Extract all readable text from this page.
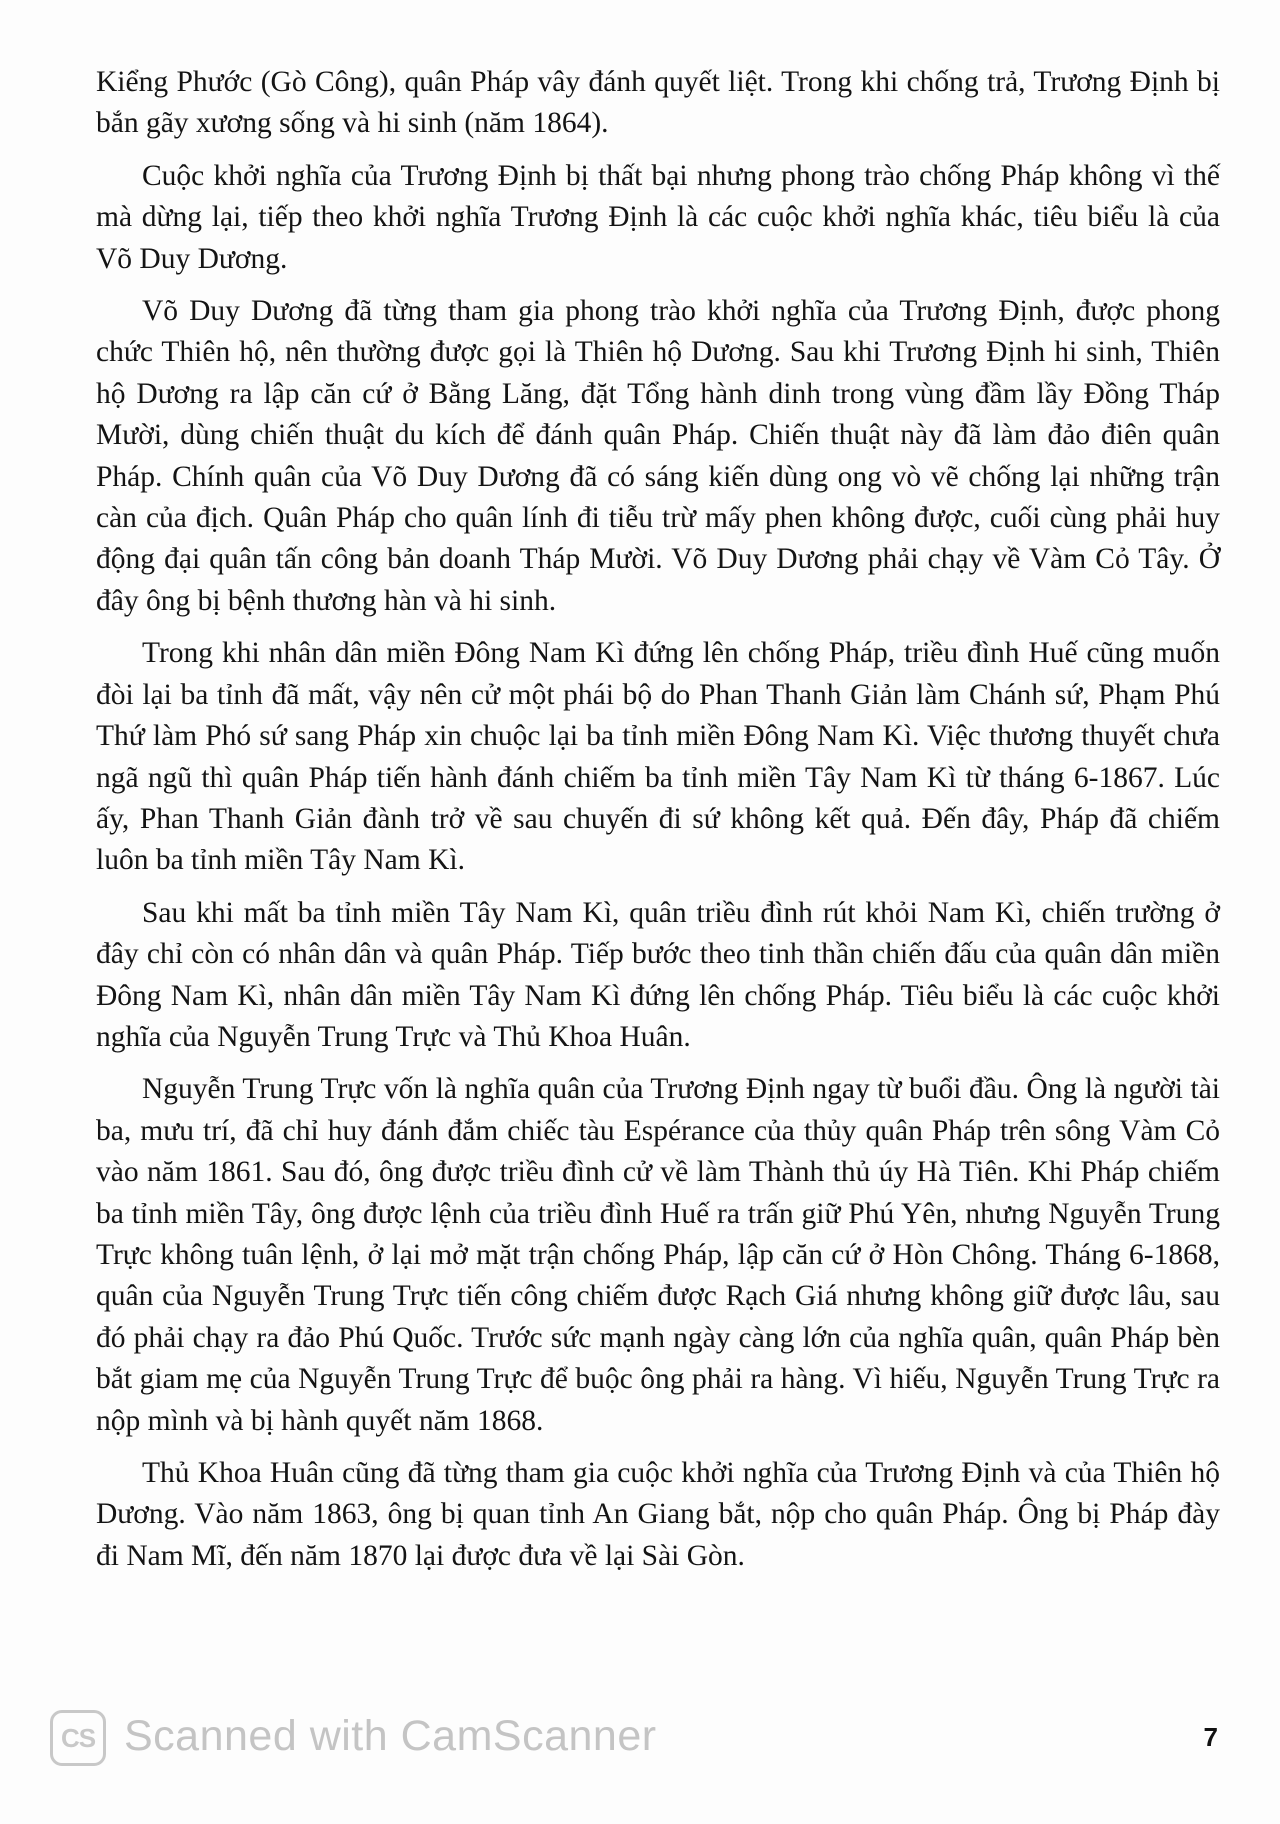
Kiểng Phước (Gò Công), quân Pháp vây đánh quyết liệt. Trong khi chống trả, Trương Định bị bắn gãy xương sống và hi sinh (năm 1864).

Cuộc khởi nghĩa của Trương Định bị thất bại nhưng phong trào chống Pháp không vì thế mà dừng lại, tiếp theo khởi nghĩa Trương Định là các cuộc khởi nghĩa khác, tiêu biểu là của Võ Duy Dương.

Võ Duy Dương đã từng tham gia phong trào khởi nghĩa của Trương Định, được phong chức Thiên hộ, nên thường được gọi là Thiên hộ Dương. Sau khi Trương Định hi sinh, Thiên hộ Dương ra lập căn cứ ở Bằng Lăng, đặt Tổng hành dinh trong vùng đầm lầy Đồng Tháp Mười, dùng chiến thuật du kích để đánh quân Pháp. Chiến thuật này đã làm đảo điên quân Pháp. Chính quân của Võ Duy Dương đã có sáng kiến dùng ong vò vẽ chống lại những trận càn của địch. Quân Pháp cho quân lính đi tiễu trừ mấy phen không được, cuối cùng phải huy động đại quân tấn công bản doanh Tháp Mười. Võ Duy Dương phải chạy về Vàm Cỏ Tây. Ở đây ông bị bệnh thương hàn và hi sinh.

Trong khi nhân dân miền Đông Nam Kì đứng lên chống Pháp, triều đình Huế cũng muốn đòi lại ba tỉnh đã mất, vậy nên cử một phái bộ do Phan Thanh Giản làm Chánh sứ, Phạm Phú Thứ làm Phó sứ sang Pháp xin chuộc lại ba tỉnh miền Đông Nam Kì. Việc thương thuyết chưa ngã ngũ thì quân Pháp tiến hành đánh chiếm ba tỉnh miền Tây Nam Kì từ tháng 6-1867. Lúc ấy, Phan Thanh Giản đành trở về sau chuyến đi sứ không kết quả. Đến đây, Pháp đã chiếm luôn ba tỉnh miền Tây Nam Kì.

Sau khi mất ba tỉnh miền Tây Nam Kì, quân triều đình rút khỏi Nam Kì, chiến trường ở đây chỉ còn có nhân dân và quân Pháp. Tiếp bước theo tinh thần chiến đấu của quân dân miền Đông Nam Kì, nhân dân miền Tây Nam Kì đứng lên chống Pháp. Tiêu biểu là các cuộc khởi nghĩa của Nguyễn Trung Trực và Thủ Khoa Huân.

Nguyễn Trung Trực vốn là nghĩa quân của Trương Định ngay từ buổi đầu. Ông là người tài ba, mưu trí, đã chỉ huy đánh đắm chiếc tàu Espérance của thủy quân Pháp trên sông Vàm Cỏ vào năm 1861. Sau đó, ông được triều đình cử về làm Thành thủ úy Hà Tiên. Khi Pháp chiếm ba tỉnh miền Tây, ông được lệnh của triều đình Huế ra trấn giữ Phú Yên, nhưng Nguyễn Trung Trực không tuân lệnh, ở lại mở mặt trận chống Pháp, lập căn cứ ở Hòn Chông. Tháng 6-1868, quân của Nguyễn Trung Trực tiến công chiếm được Rạch Giá nhưng không giữ được lâu, sau đó phải chạy ra đảo Phú Quốc. Trước sức mạnh ngày càng lớn của nghĩa quân, quân Pháp bèn bắt giam mẹ của Nguyễn Trung Trực để buộc ông phải ra hàng. Vì hiếu, Nguyễn Trung Trực ra nộp mình và bị hành quyết năm 1868.

Thủ Khoa Huân cũng đã từng tham gia cuộc khởi nghĩa của Trương Định và của Thiên hộ Dương. Vào năm 1863, ông bị quan tỉnh An Giang bắt, nộp cho quân Pháp. Ông bị Pháp đày đi Nam Mĩ, đến năm 1870 lại được đưa về lại Sài Gòn.

CS Scanned with CamScanner	7
